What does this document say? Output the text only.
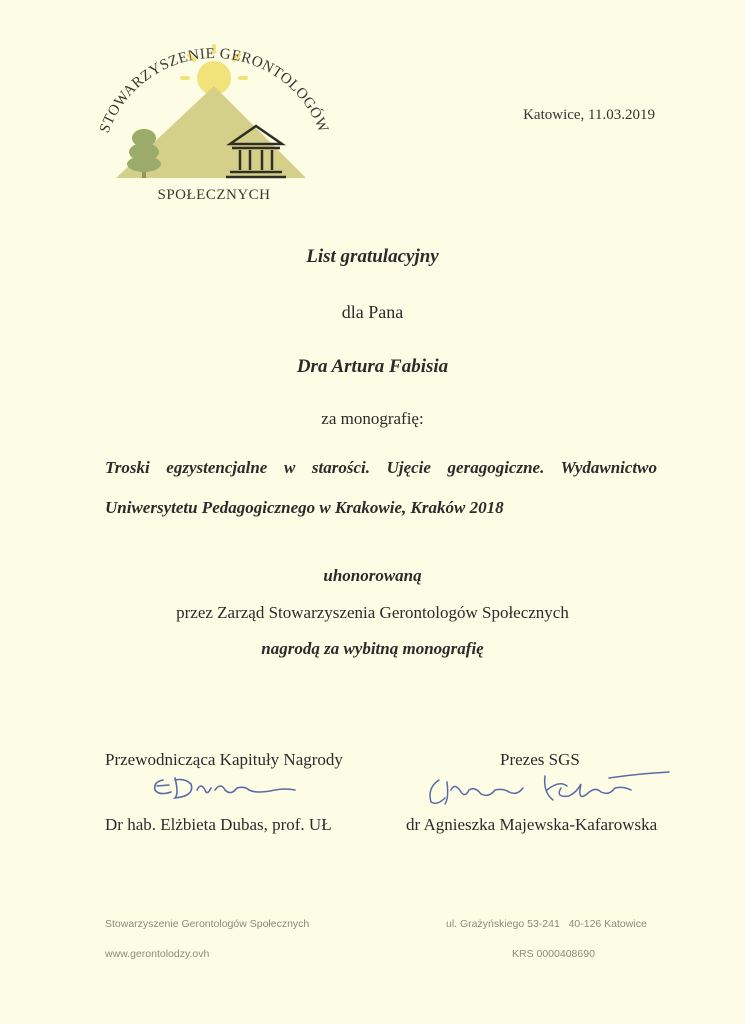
STOWARZYSZENIE GERONTOLOGÓW
SPOŁECZNYCH
Katowice, 11.03.2019
List gratulacyjny
dla Pana
Dra Artura Fabisia
za monografię:
Troski egzystencjalne w starości. Ujęcie geragogiczne. Wydawnictwo
Uniwersytetu Pedagogicznego w Krakowie, Kraków 2018
uhonorowaną
przez Zarząd Stowarzyszenia Gerontologów Społecznych
nagrodą za wybitną monografię
Przewodnicząca Kapituły Nagrody	Prezes SGS
Dr hab. Elżbieta Dubas, prof. UŁ	dr Agnieszka Majewska-Kafarowska
Stowarzyszenie Gerontologów Społecznych	ul. Grażyńskiego 53-241   40-126 Katowice
www.gerontolodzy.ovh	KRS 0000408690
